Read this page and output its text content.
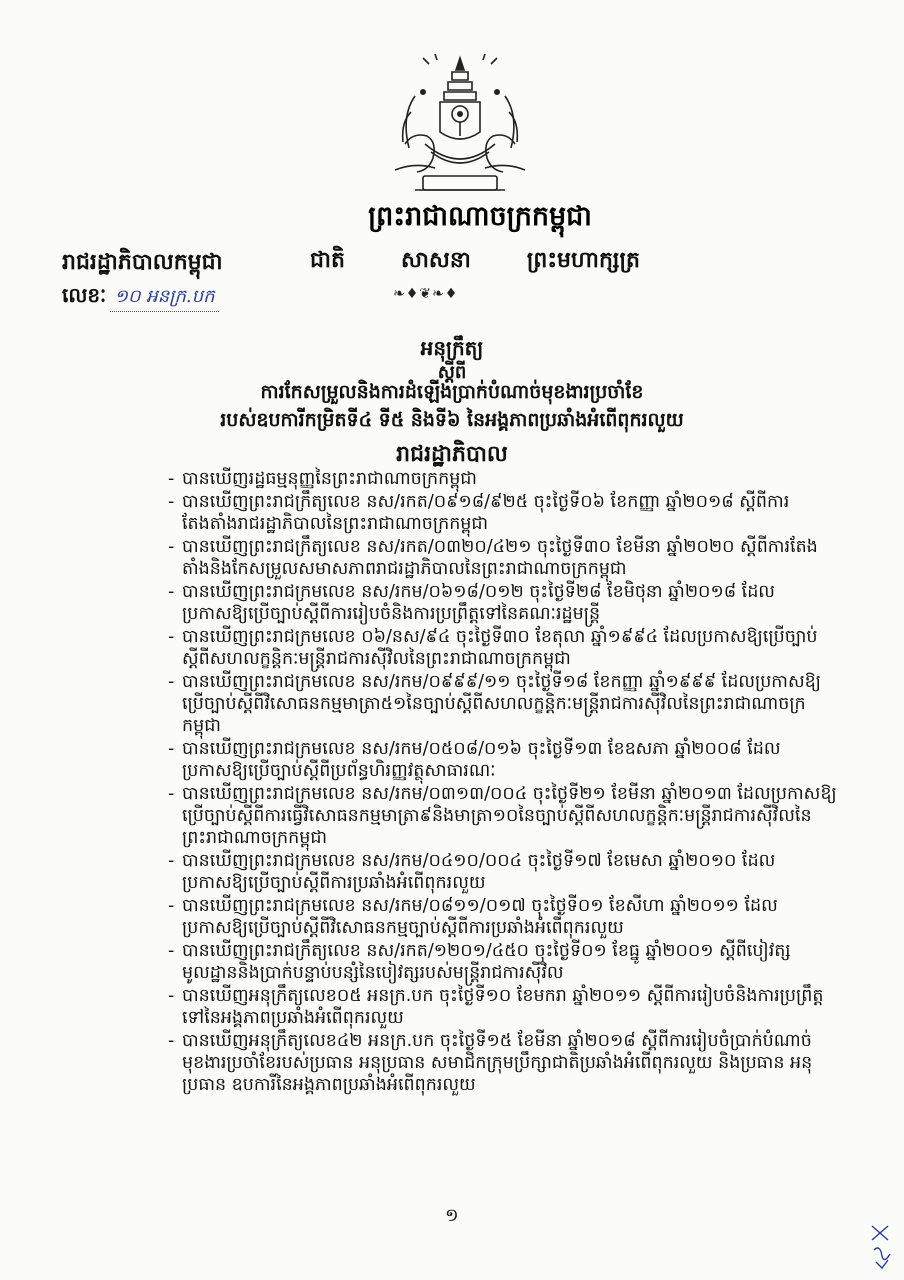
ព្រះរាជាណាចក្រកម្ពុជា
ជាតិ	សាសនា	ព្រះមហាក្សត្រ
❧♦❦❧♦
រាជរដ្ឋាភិបាលកម្ពុជា
លេខៈ ១០ អនក្រ.បក
អនុក្រឹត្យ
ស្តីពី
ការកែសម្រួលនិងការដំឡើងប្រាក់បំណាច់មុខងារប្រចាំខែ
របស់ឧបការីកម្រិតទី៤ ទី៥ និងទី៦ នៃអង្គភាពប្រឆាំងអំពើពុករលួយ
រាជរដ្ឋាភិបាល
- បានឃើញរដ្ឋធម្មនុញ្ញនៃព្រះរាជាណាចក្រកម្ពុជា
- បានឃើញព្រះរាជក្រឹត្យលេខ នស/រកត/០៩១៨/៩២៥ ចុះថ្ងៃទី០៦ ខែកញ្ញា ឆ្នាំ២០១៨ ស្តីពីការតែងតាំងរាជរដ្ឋាភិបាលនៃព្រះរាជាណាចក្រកម្ពុជា
- បានឃើញព្រះរាជក្រឹត្យលេខ នស/រកត/០៣២០/៤២១ ចុះថ្ងៃទី៣០ ខែមីនា ឆ្នាំ២០២០ ស្តីពីការតែងតាំងនិងកែសម្រួលសមាសភាពរាជរដ្ឋាភិបាលនៃព្រះរាជាណាចក្រកម្ពុជា
- បានឃើញព្រះរាជក្រមលេខ នស/រកម/០៦១៨/០១២ ចុះថ្ងៃទី២៨ ខែមិថុនា ឆ្នាំ២០១៨ ដែលប្រកាសឱ្យប្រើច្បាប់ស្តីពីការរៀបចំនិងការប្រព្រឹត្តទៅនៃគណៈរដ្ឋមន្ត្រី
- បានឃើញព្រះរាជក្រមលេខ ០៦/នស/៩៤ ចុះថ្ងៃទី៣០ ខែតុលា ឆ្នាំ១៩៩៤ ដែលប្រកាសឱ្យប្រើច្បាប់ស្តីពីសហលក្ខន្តិកៈមន្ត្រីរាជការស៊ីវិលនៃព្រះរាជាណាចក្រកម្ពុជា
- បានឃើញព្រះរាជក្រមលេខ នស/រកម/០៩៩៩/១១ ចុះថ្ងៃទី១៨ ខែកញ្ញា ឆ្នាំ១៩៩៩ ដែលប្រកាសឱ្យប្រើច្បាប់ស្តីពីវិសោធនកម្មមាត្រា៥១នៃច្បាប់ស្តីពីសហលក្ខន្តិកៈមន្ត្រីរាជការស៊ីវិលនៃព្រះរាជាណាចក្រកម្ពុជា
- បានឃើញព្រះរាជក្រមលេខ នស/រកម/០៥០៨/០១៦ ចុះថ្ងៃទី១៣ ខែឧសភា ឆ្នាំ២០០៨ ដែលប្រកាសឱ្យប្រើច្បាប់ស្តីពីប្រព័ន្ធហិរញ្ញវត្ថុសាធារណៈ
- បានឃើញព្រះរាជក្រមលេខ នស/រកម/០៣១៣/០០៤ ចុះថ្ងៃទី២១ ខែមីនា ឆ្នាំ២០១៣ ដែលប្រកាសឱ្យប្រើច្បាប់ស្តីពីការធ្វើវិសោធនកម្មមាត្រា៩និងមាត្រា១០នៃច្បាប់ស្តីពីសហលក្ខន្តិកៈមន្ត្រីរាជការស៊ីវិលនៃព្រះរាជាណាចក្រកម្ពុជា
- បានឃើញព្រះរាជក្រមលេខ នស/រកម/០៤១០/០០៤ ចុះថ្ងៃទី១៧ ខែមេសា ឆ្នាំ២០១០ ដែលប្រកាសឱ្យប្រើច្បាប់ស្តីពីការប្រឆាំងអំពើពុករលួយ
- បានឃើញព្រះរាជក្រមលេខ នស/រកម/០៨១១/០១៧ ចុះថ្ងៃទី០១ ខែសីហា ឆ្នាំ២០១១ ដែលប្រកាសឱ្យប្រើច្បាប់ស្តីពីវិសោធនកម្មច្បាប់ស្តីពីការប្រឆាំងអំពើពុករលួយ
- បានឃើញព្រះរាជក្រឹត្យលេខ នស/រកត/១២០១/៤៥០ ចុះថ្ងៃទី០១ ខែធ្នូ ឆ្នាំ២០០១ ស្តីពីបៀវត្សមូលដ្ឋាននិងប្រាក់បន្ទាប់បន្សំនៃបៀវត្សរបស់មន្ត្រីរាជការស៊ីវិល
- បានឃើញអនុក្រឹត្យលេខ០៥ អនក្រ.បក ចុះថ្ងៃទី១០ ខែមករា ឆ្នាំ២០១១ ស្តីពីការរៀបចំនិងការប្រព្រឹត្តទៅនៃអង្គភាពប្រឆាំងអំពើពុករលួយ
- បានឃើញអនុក្រឹត្យលេខ៤២ អនក្រ.បក ចុះថ្ងៃទី១៥ ខែមីនា ឆ្នាំ២០១៨ ស្តីពីការរៀបចំប្រាក់បំណាច់មុខងារប្រចាំខែរបស់ប្រធាន អនុប្រធាន សមាជិកក្រុមប្រឹក្សាជាតិប្រឆាំងអំពើពុករលួយ និងប្រធាន អនុប្រធាន ឧបការីនៃអង្គភាពប្រឆាំងអំពើពុករលួយ
១
